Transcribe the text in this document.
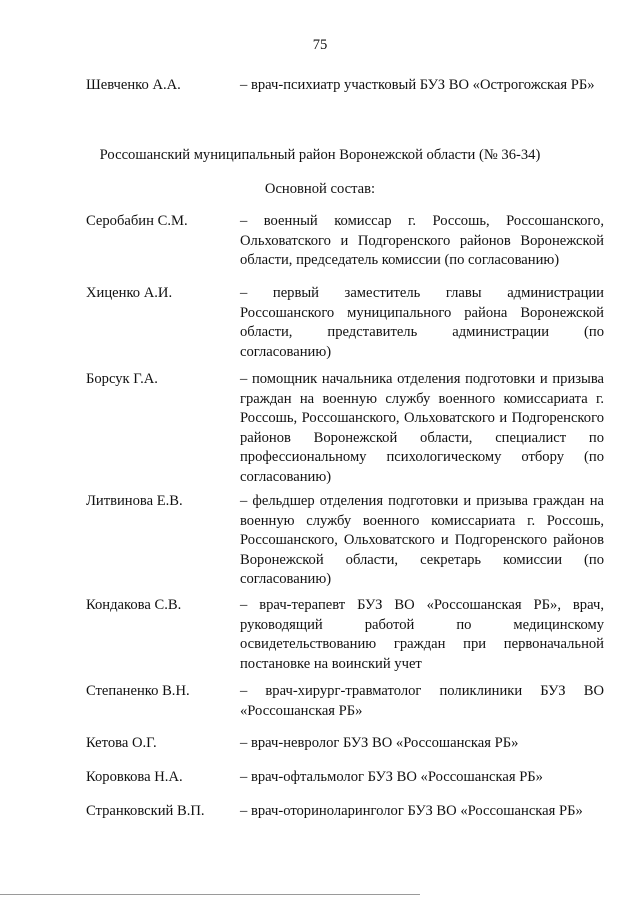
75
Шевченко А.А.	– врач-психиатр участковый БУЗ ВО «Острогожская РБ»
Россошанский муниципальный район Воронежской области (№ 36-34)
Основной состав:
Серобабин С.М.	– военный комиссар г. Россошь, Россошанского, Ольховатского и Подгоренского районов Воронежской области, председатель комиссии (по согласованию)
Хиценко А.И.	– первый заместитель главы администрации Россошанского муниципального района Воронежской области, представитель администрации (по согласованию)
Борсук Г.А.	– помощник начальника отделения подготовки и призыва граждан на военную службу военного комиссариата г. Россошь, Россошанского, Ольховатского и Подгоренского районов Воронежской области, специалист по профессиональному психологическому отбору (по согласованию)
Литвинова Е.В.	– фельдшер отделения подготовки и призыва граждан на военную службу военного комиссариата г. Россошь, Россошанского, Ольховатского и Подгоренского районов Воронежской области, секретарь комиссии (по согласованию)
Кондакова С.В.	– врач-терапевт БУЗ ВО «Россошанская РБ», врач, руководящий работой по медицинскому освидетельствованию граждан при первоначальной постановке на воинский учет
Степаненко В.Н.	– врач-хирург-травматолог поликлиники БУЗ ВО «Россошанская РБ»
Кетова О.Г.	– врач-невролог БУЗ ВО «Россошанская РБ»
Коровкова Н.А.	– врач-офтальмолог БУЗ ВО «Россошанская РБ»
Странковский В.П. – врач-оториноларинголог БУЗ ВО «Россошанская РБ»
